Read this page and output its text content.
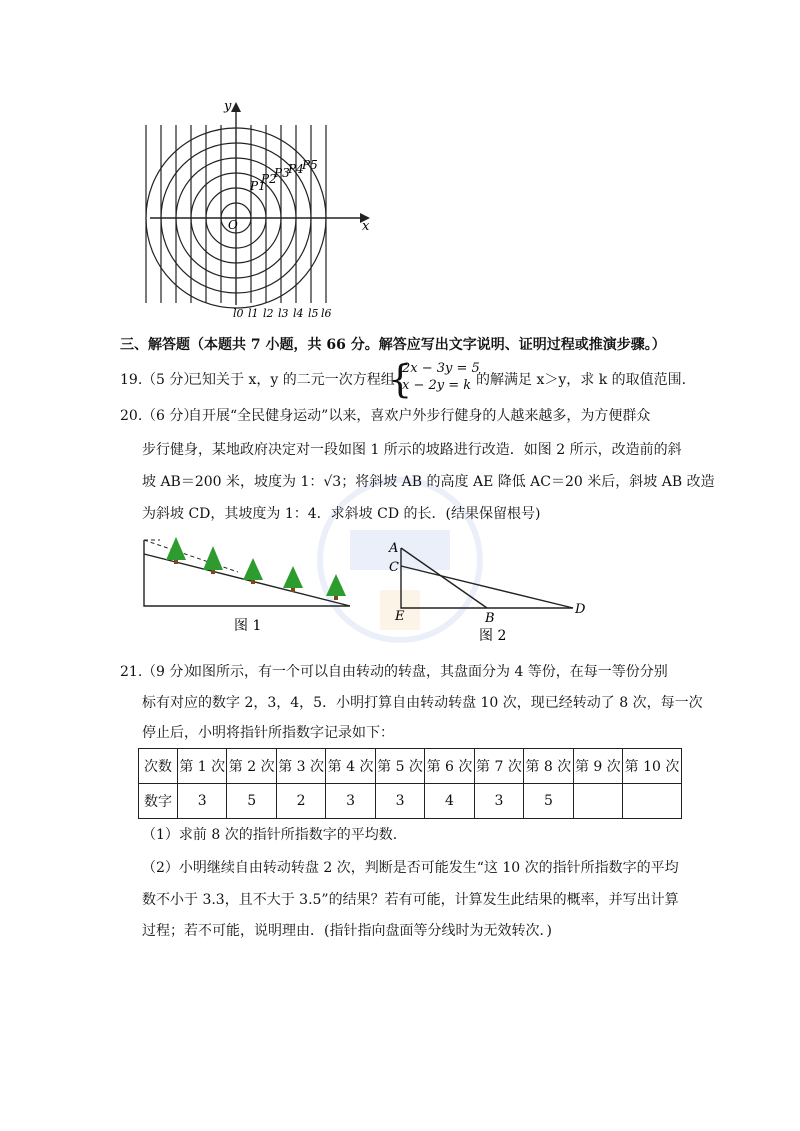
x
y
O
P1
P2
P3
P4
P5
l0 l1 l2 l3 l4 l5 l6
三、解答题（本题共 7 小题，共 66 分。解答应写出文字说明、证明过程或推演步骤。）
19. （5 分）
已知关于 x，y 的二元一次方程组
{
2x − 3y = 5
x − 2y = k 的解满足 x＞y，求 k 的取值范围.
20. （6 分）
自开展“全民健身运动”以来，喜欢户外步行健身的人越来越多，为方便群众
步行健身，某地政府决定对一段如图 1 所示的坡路进行改造．如图 2 所示，改造前的斜
坡 AB＝200 米，坡度为 1：√3；将斜坡 AB 的高度 AE 降低 AC＝20 米后，斜坡 AB 改造
为斜坡 CD，其坡度为 1：4．求斜坡 CD 的长．(结果保留根号)
图 1
A
C
E	B
D
图 2
21. （9 分）
如图所示，有一个可以自由转动的转盘，其盘面分为 4 等份，在每一等份分别
标有对应的数字 2，3，4，5．小明打算自由转动转盘 10 次，现已经转动了 8 次，每一次
停止后，小明将指针所指数字记录如下：
次数	第 1 次	第 2 次	第 3 次	第 4 次	第 5 次	第 6 次	第 7 次	第 8 次	第 9 次	第 10 次
数字	3	5	2	3	3	4	3	5		
（1）求前 8 次的指针所指数字的平均数.
（2）小明继续自由转动转盘 2 次，判断是否可能发生“这 10 次的指针所指数字的平均
数不小于 3.3，且不大于 3.5”的结果？若有可能，计算发生此结果的概率，并写出计算
过程；若不可能，说明理由．(指针指向盘面等分线时为无效转次．)
